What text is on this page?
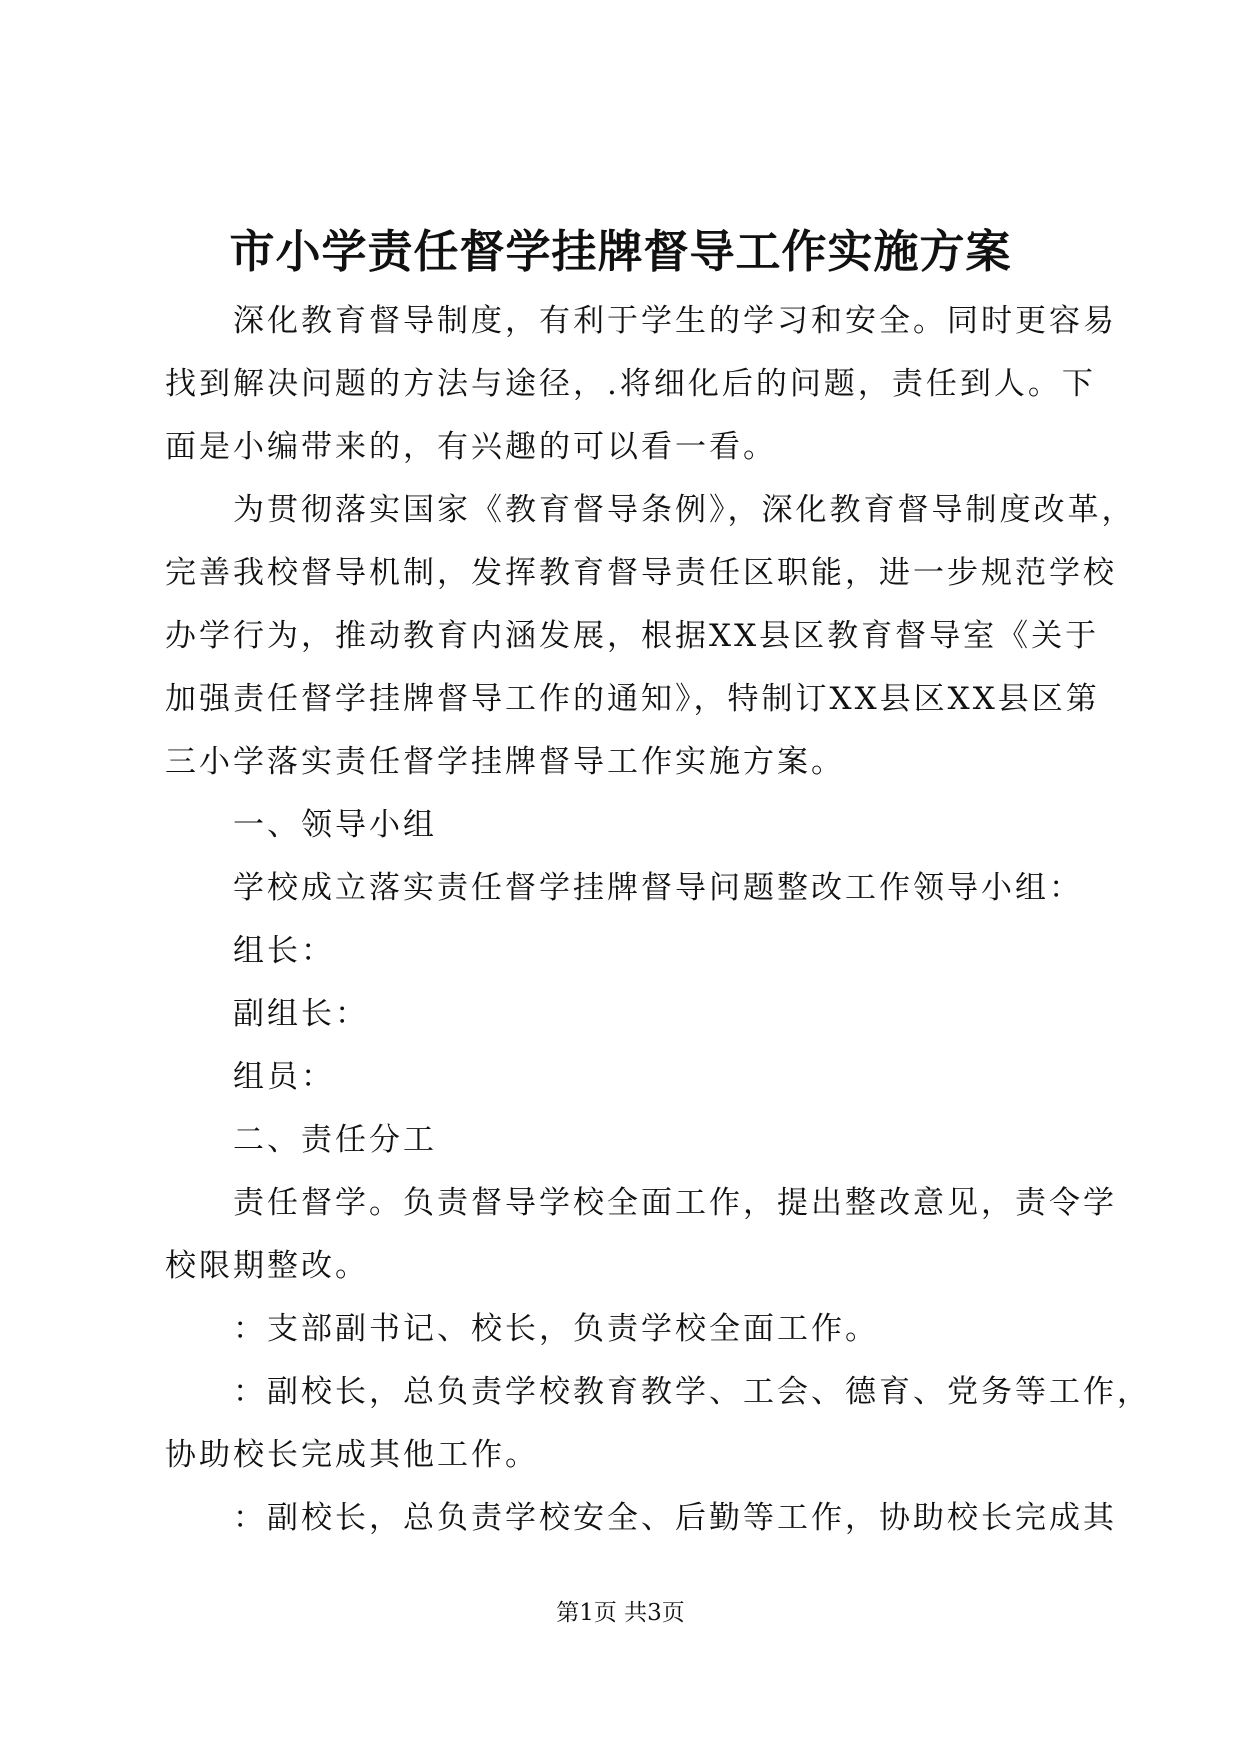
市小学责任督学挂牌督导工作实施方案
深化教育督导制度，有利于学生的学习和安全。同时更容易
找到解决问题的方法与途径，.将细化后的问题，责任到人。下
面是小编带来的，有兴趣的可以看一看。
为贯彻落实国家《教育督导条例》，深化教育督导制度改革，
完善我校督导机制，发挥教育督导责任区职能，进一步规范学校
办学行为，推动教育内涵发展，根据XX县区教育督导室《关于
加强责任督学挂牌督导工作的通知》，特制订XX县区XX县区第
三小学落实责任督学挂牌督导工作实施方案。
一、领导小组
学校成立落实责任督学挂牌督导问题整改工作领导小组：
组长：
副组长：
组员：
二、责任分工
责任督学。负责督导学校全面工作，提出整改意见，责令学
校限期整改。
：支部副书记、校长，负责学校全面工作。
：副校长，总负责学校教育教学、工会、德育、党务等工作，
协助校长完成其他工作。
：副校长，总负责学校安全、后勤等工作，协助校长完成其
第1页 共3页
